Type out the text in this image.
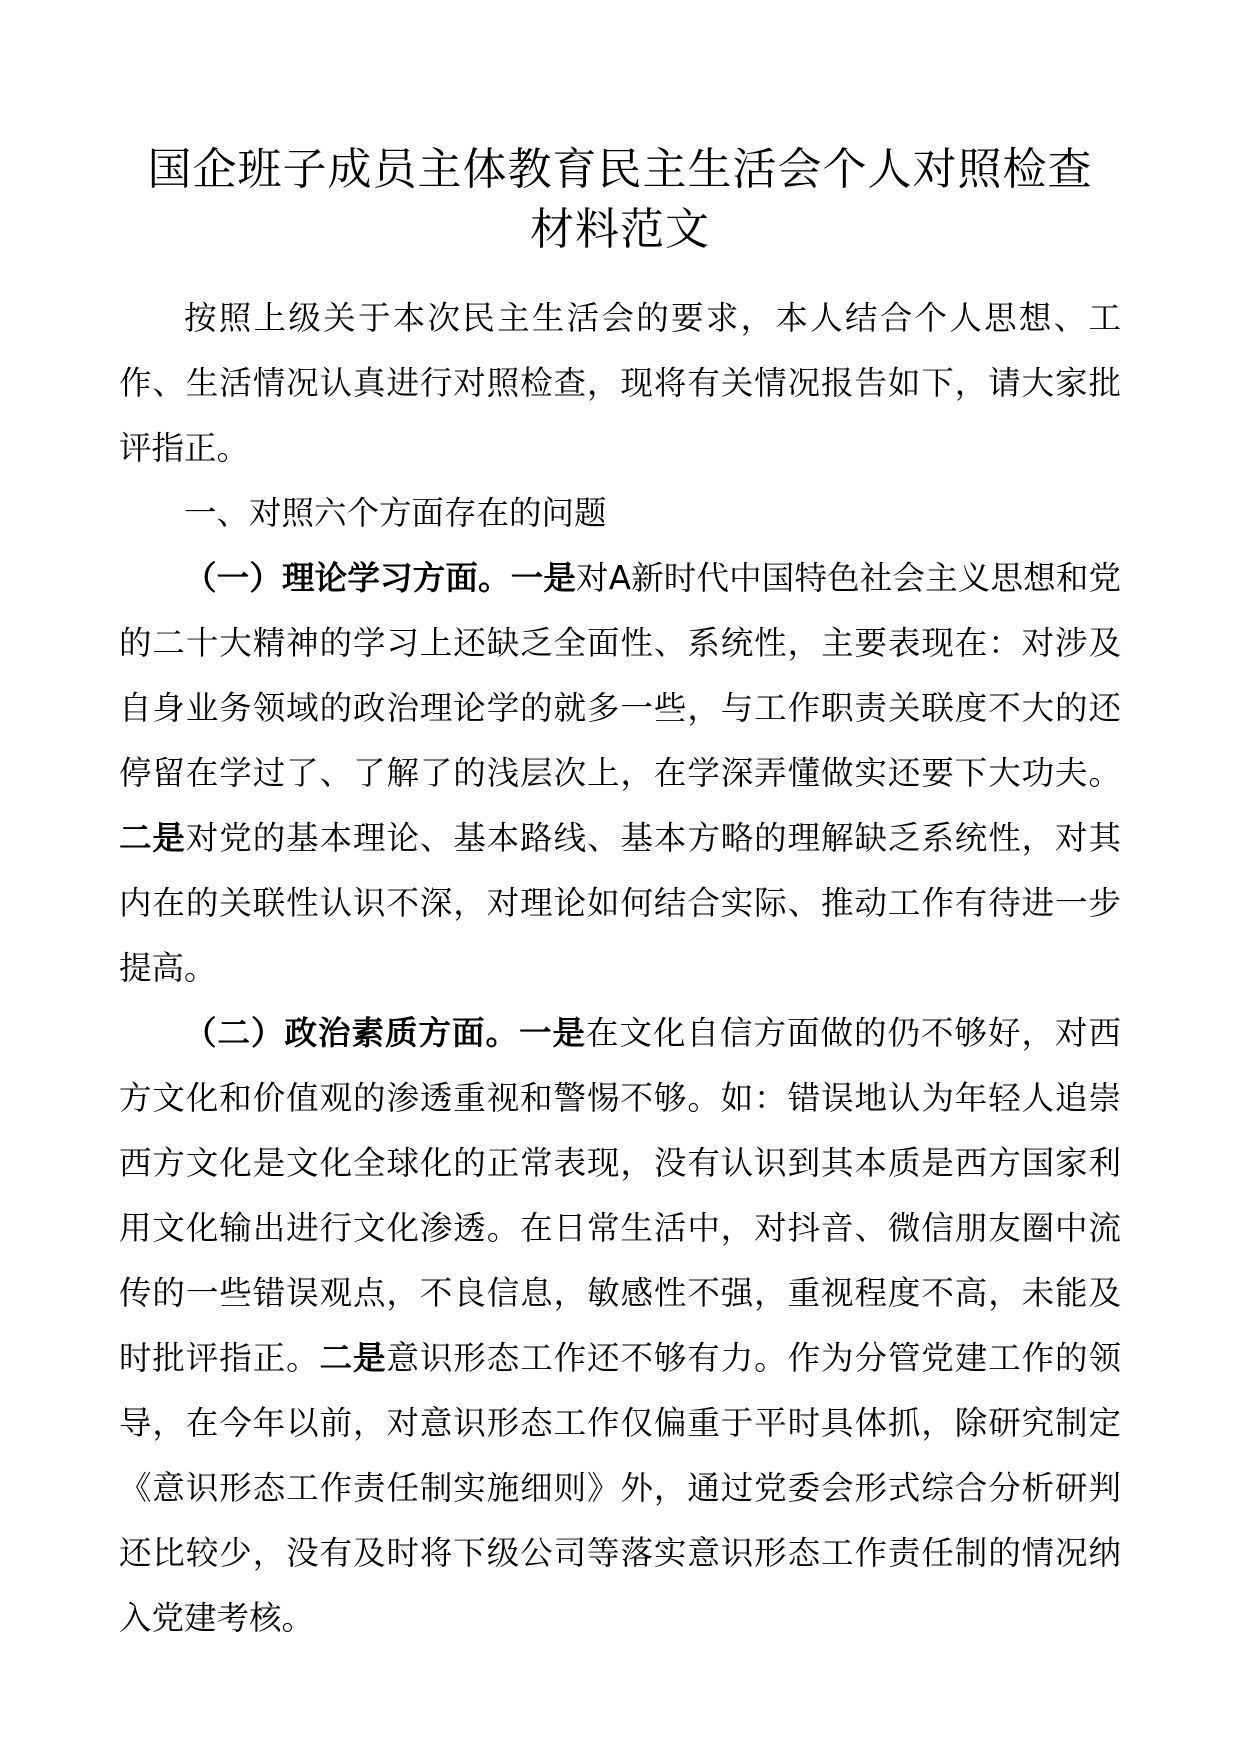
国企班子成员主体教育民主生活会个人对照检查
材料范文

按照上级关于本次民主生活会的要求，本人结合个人思想、工作、生活情况认真进行对照检查，现将有关情况报告如下，请大家批评指正。

一、对照六个方面存在的问题

（一）理论学习方面。一是对A新时代中国特色社会主义思想和党的二十大精神的学习上还缺乏全面性、系统性，主要表现在：对涉及自身业务领域的政治理论学的就多一些，与工作职责关联度不大的还停留在学过了、了解了的浅层次上，在学深弄懂做实还要下大功夫。二是对党的基本理论、基本路线、基本方略的理解缺乏系统性，对其内在的关联性认识不深，对理论如何结合实际、推动工作有待进一步提高。

（二）政治素质方面。一是在文化自信方面做的仍不够好，对西方文化和价值观的渗透重视和警惕不够。如：错误地认为年轻人追崇西方文化是文化全球化的正常表现，没有认识到其本质是西方国家利用文化输出进行文化渗透。在日常生活中，对抖音、微信朋友圈中流传的一些错误观点，不良信息，敏感性不强，重视程度不高，未能及时批评指正。二是意识形态工作还不够有力。作为分管党建工作的领导，在今年以前，对意识形态工作仅偏重于平时具体抓，除研究制定《意识形态工作责任制实施细则》外，通过党委会形式综合分析研判还比较少，没有及时将下级公司等落实意识形态工作责任制的情况纳入党建考核。
